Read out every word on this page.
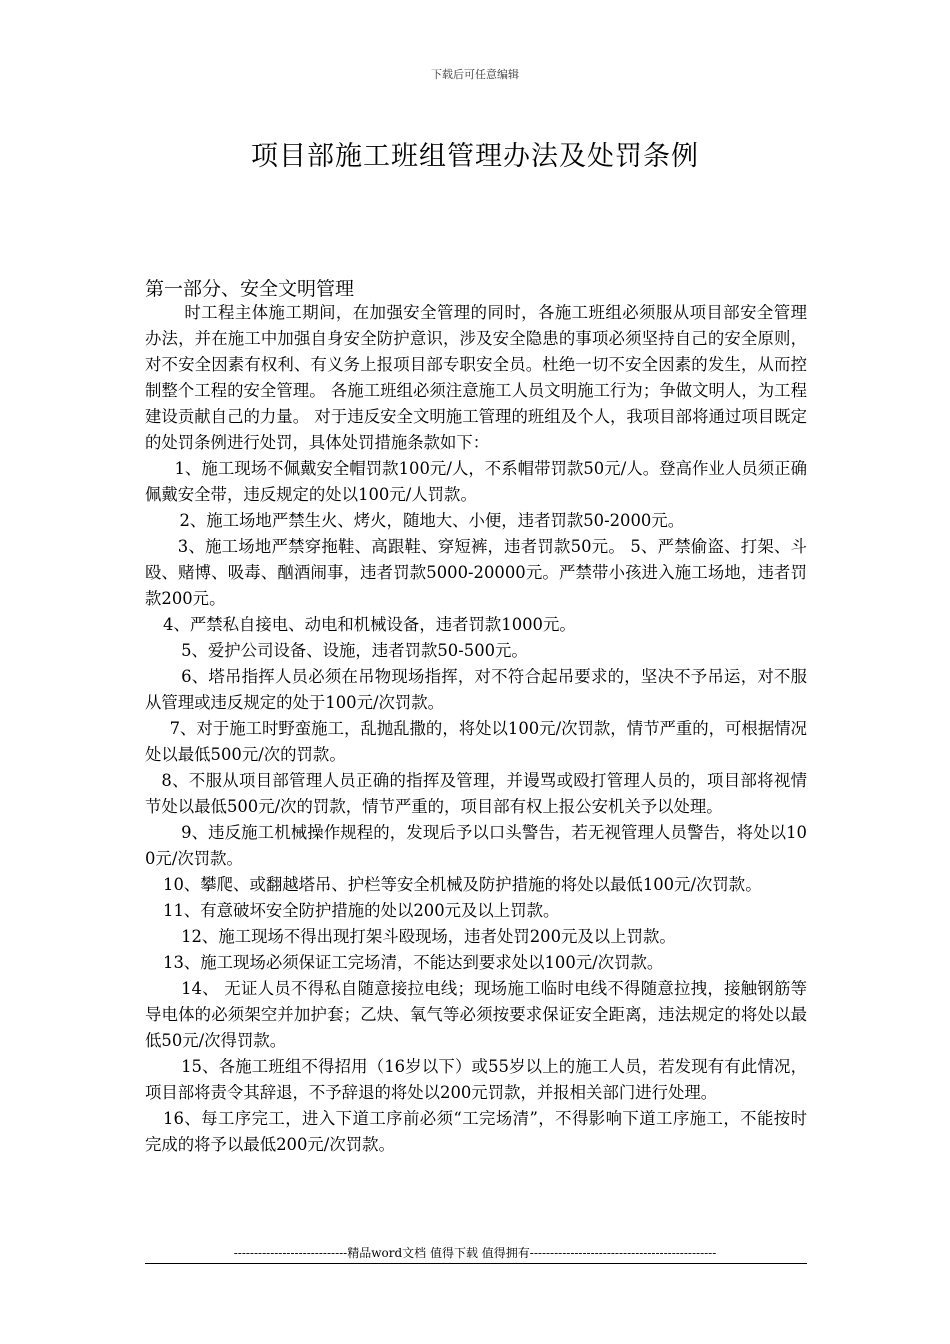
下载后可任意编辑
项目部施工班组管理办法及处罚条例
第一部分、安全文明管理

时工程主体施工期间，在加强安全管理的同时，各施工班组必须服从项目部安全管理办法，并在施工中加强自身安全防护意识，涉及安全隐患的事项必须坚持自己的安全原则，对不安全因素有权利、有义务上报项目部专职安全员。杜绝一切不安全因素的发生，从而控制整个工程的安全管理。 各施工班组必须注意施工人员文明施工行为；争做文明人，为工程建设贡献自己的力量。 对于违反安全文明施工管理的班组及个人，我项目部将通过项目既定的处罚条例进行处罚，具体处罚措施条款如下：

1、施工现场不佩戴安全帽罚款100元/人，不系帽带罚款50元/人。登高作业人员须正确佩戴安全带，违反规定的处以100元/人罚款。

2、施工场地严禁生火、烤火，随地大、小便，违者罚款50-2000元。

3、施工场地严禁穿拖鞋、高跟鞋、穿短裤，违者罚款50元。 5、严禁偷盗、打架、斗殴、赌博、吸毒、酗酒闹事，违者罚款5000-20000元。严禁带小孩进入施工场地，违者罚款200元。

4、严禁私自接电、动电和机械设备，违者罚款1000元。

5、爱护公司设备、设施，违者罚款50-500元。

6、塔吊指挥人员必须在吊物现场指挥，对不符合起吊要求的，坚决不予吊运，对不服从管理或违反规定的处于100元/次罚款。

7、对于施工时野蛮施工，乱抛乱撒的，将处以100元/次罚款，情节严重的，可根据情况处以最低500元/次的罚款。

8、不服从项目部管理人员正确的指挥及管理，并谩骂或殴打管理人员的，项目部将视情节处以最低500元/次的罚款，情节严重的，项目部有权上报公安机关予以处理。

9、违反施工机械操作规程的，发现后予以口头警告，若无视管理人员警告，将处以100元/次罚款。

10、攀爬、或翻越塔吊、护栏等安全机械及防护措施的将处以最低100元/次罚款。

11、有意破坏安全防护措施的处以200元及以上罚款。

12、施工现场不得出现打架斗殴现场，违者处罚200元及以上罚款。

13、施工现场必须保证工完场清，不能达到要求处以100元/次罚款。

14、 无证人员不得私自随意接拉电线；现场施工临时电线不得随意拉拽，接触钢筋等导电体的必须架空并加护套；乙炔、氧气等必须按要求保证安全距离，违法规定的将处以最低50元/次得罚款。

15、各施工班组不得招用（16岁以下）或55岁以上的施工人员，若发现有有此情况，项目部将责令其辞退，不予辞退的将处以200元罚款，并报相关部门进行处理。

16、每工序完工，进入下道工序前必须“工完场清”，不得影响下道工序施工，不能按时完成的将予以最低200元/次罚款。

----------------------------精品word文档 值得下载 值得拥有----------------------------------------------
